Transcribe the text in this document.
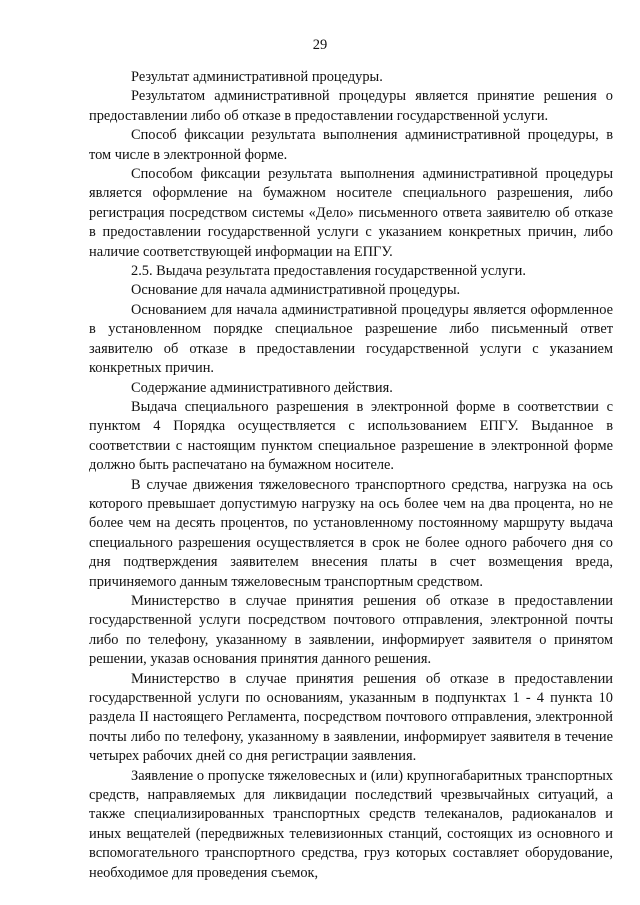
29

Результат административной процедуры.

Результатом административной процедуры является принятие решения о предоставлении либо об отказе в предоставлении государственной услуги.

Способ фиксации результата выполнения административной процедуры, в том числе в электронной форме.

Способом фиксации результата выполнения административной процедуры является оформление на бумажном носителе специального разрешения, либо регистрация посредством системы «Дело» письменного ответа заявителю об отказе в предоставлении государственной услуги с указанием конкретных причин, либо наличие соответствующей информации на ЕПГУ.

2.5. Выдача результата предоставления государственной услуги.

Основание для начала административной процедуры.

Основанием для начала административной процедуры является оформленное в установленном порядке специальное разрешение либо письменный ответ заявителю об отказе в предоставлении государственной услуги с указанием конкретных причин.

Содержание административного действия.

Выдача специального разрешения в электронной форме в соответствии с пунктом 4 Порядка осуществляется с использованием ЕПГУ. Выданное в соответствии с настоящим пунктом специальное разрешение в электронной форме должно быть распечатано на бумажном носителе.

В случае движения тяжеловесного транспортного средства, нагрузка на ось которого превышает допустимую нагрузку на ось более чем на два процента, но не более чем на десять процентов, по установленному постоянному маршруту выдача специального разрешения осуществляется в срок не более одного рабочего дня со дня подтверждения заявителем внесения платы в счет возмещения вреда, причиняемого данным тяжеловесным транспортным средством.

Министерство в случае принятия решения об отказе в предоставлении государственной услуги посредством почтового отправления, электронной почты либо по телефону, указанному в заявлении, информирует заявителя о принятом решении, указав основания принятия данного решения.

Министерство в случае принятия решения об отказе в предоставлении государственной услуги по основаниям, указанным в подпунктах 1 - 4 пункта 10 раздела II настоящего Регламента, посредством почтового отправления, электронной почты либо по телефону, указанному в заявлении, информирует заявителя в течение четырех рабочих дней со дня регистрации заявления.

Заявление о пропуске тяжеловесных и (или) крупногабаритных транспортных средств, направляемых для ликвидации последствий чрезвычайных ситуаций, а также специализированных транспортных средств телеканалов, радиоканалов и иных вещателей (передвижных телевизионных станций, состоящих из основного и вспомогательного транспортного средства, груз которых составляет оборудование, необходимое для проведения съемок,
